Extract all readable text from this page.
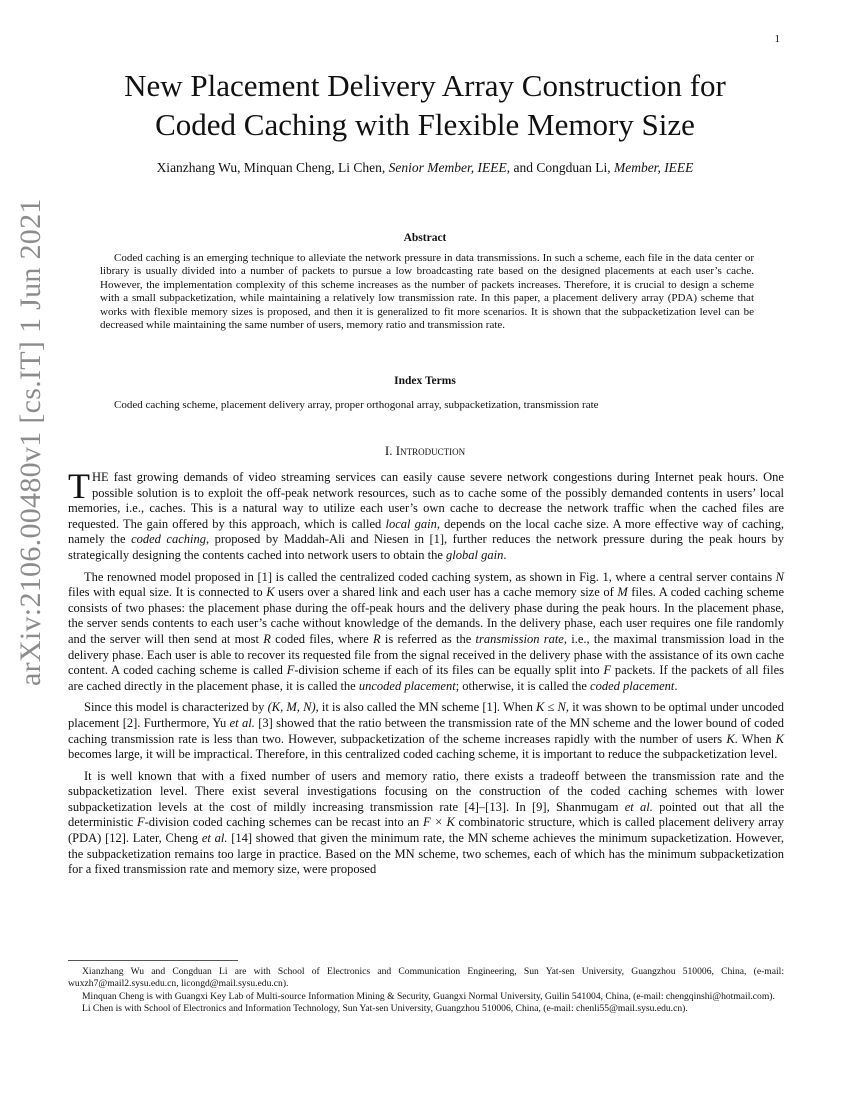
1
arXiv:2106.00480v1 [cs.IT] 1 Jun 2021
New Placement Delivery Array Construction for
Coded Caching with Flexible Memory Size
Xianzhang Wu, Minquan Cheng, Li Chen, Senior Member, IEEE, and Congduan Li, Member, IEEE
Abstract

Coded caching is an emerging technique to alleviate the network pressure in data transmissions. In such a scheme, each file in the data center or library is usually divided into a number of packets to pursue a low broadcasting rate based on the designed placements at each user’s cache. However, the implementation complexity of this scheme increases as the number of packets increases. Therefore, it is crucial to design a scheme with a small subpacketization, while maintaining a relatively low transmission rate. In this paper, a placement delivery array (PDA) scheme that works with flexible memory sizes is proposed, and then it is generalized to fit more scenarios. It is shown that the subpacketization level can be decreased while maintaining the same number of users, memory ratio and transmission rate.

Index Terms
Coded caching scheme, placement delivery array, proper orthogonal array, subpacketization, transmission rate
I. Introduction

THE fast growing demands of video streaming services can easily cause severe network congestions during Internet peak hours. One possible solution is to exploit the off-peak network resources, such as to cache some of the possibly demanded contents in users’ local memories, i.e., caches. This is a natural way to utilize each user’s own cache to decrease the network traffic when the cached files are requested. The gain offered by this approach, which is called local gain, depends on the local cache size. A more effective way of caching, namely the coded caching, proposed by Maddah-Ali and Niesen in [1], further reduces the network pressure during the peak hours by strategically designing the contents cached into network users to obtain the global gain.

The renowned model proposed in [1] is called the centralized coded caching system, as shown in Fig. 1, where a central server contains N files with equal size. It is connected to K users over a shared link and each user has a cache memory size of M files. A coded caching scheme consists of two phases: the placement phase during the off-peak hours and the delivery phase during the peak hours. In the placement phase, the server sends contents to each user’s cache without knowledge of the demands. In the delivery phase, each user requires one file randomly and the server will then send at most R coded files, where R is referred as the transmission rate, i.e., the maximal transmission load in the delivery phase. Each user is able to recover its requested file from the signal received in the delivery phase with the assistance of its own cache content. A coded caching scheme is called F-division scheme if each of its files can be equally split into F packets. If the packets of all files are cached directly in the placement phase, it is called the uncoded placement; otherwise, it is called the coded placement.

Since this model is characterized by (K, M, N), it is also called the MN scheme [1]. When K ≤ N, it was shown to be optimal under uncoded placement [2]. Furthermore, Yu et al. [3] showed that the ratio between the transmission rate of the MN scheme and the lower bound of coded caching transmission rate is less than two. However, subpacketization of the scheme increases rapidly with the number of users K. When K becomes large, it will be impractical. Therefore, in this centralized coded caching scheme, it is important to reduce the subpacketization level.

It is well known that with a fixed number of users and memory ratio, there exists a tradeoff between the transmission rate and the subpacketization level. There exist several investigations focusing on the construction of the coded caching schemes with lower subpacketization levels at the cost of mildly increasing transmission rate [4]–[13]. In [9], Shanmugam et al. pointed out that all the deterministic F-division coded caching schemes can be recast into an F × K combinatoric structure, which is called placement delivery array (PDA) [12]. Later, Cheng et al. [14] showed that given the minimum rate, the MN scheme achieves the minimum supacketization. However, the subpacketization remains too large in practice. Based on the MN scheme, two schemes, each of which has the minimum subpacketization for a fixed transmission rate and memory size, were proposed

Xianzhang Wu and Congduan Li are with School of Electronics and Communication Engineering, Sun Yat-sen University, Guangzhou 510006, China, (e-mail: wuxzh7@mail2.sysu.edu.cn, licongd@mail.sysu.edu.cn).

Minquan Cheng is with Guangxi Key Lab of Multi-source Information Mining & Security, Guangxi Normal University, Guilin 541004, China, (e-mail: chengqinshi@hotmail.com).

Li Chen is with School of Electronics and Information Technology, Sun Yat-sen University, Guangzhou 510006, China, (e-mail: chenli55@mail.sysu.edu.cn).
